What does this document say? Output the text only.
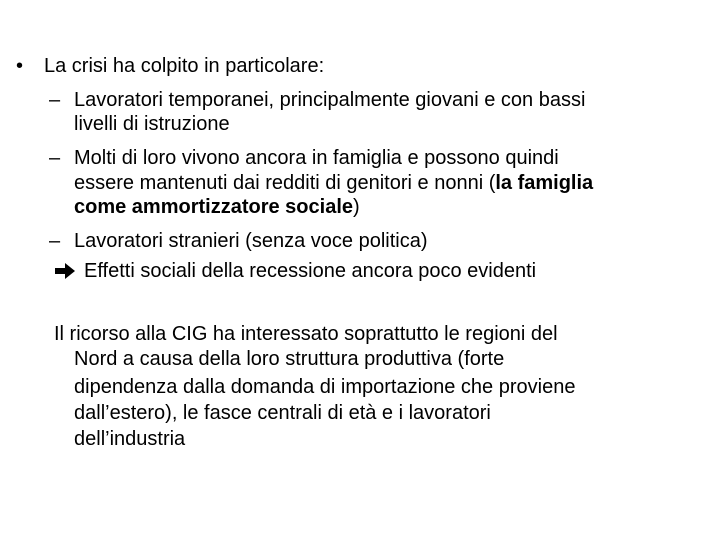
• La crisi ha colpito in particolare:
– Lavoratori temporanei, principalmente giovani e con bassi
livelli di istruzione
– Molti di loro vivono ancora in famiglia e possono quindi
essere mantenuti dai redditi di genitori e nonni (la famiglia
come ammortizzatore sociale)
– Lavoratori stranieri (senza voce politica)
Effetti sociali della recessione ancora poco evidenti
Il ricorso alla CIG ha interessato soprattutto le regioni del
Nord a causa della loro struttura produttiva (forte
dipendenza dalla domanda di importazione che proviene
dall’estero), le fasce centrali di età e i lavoratori
dell’industria
